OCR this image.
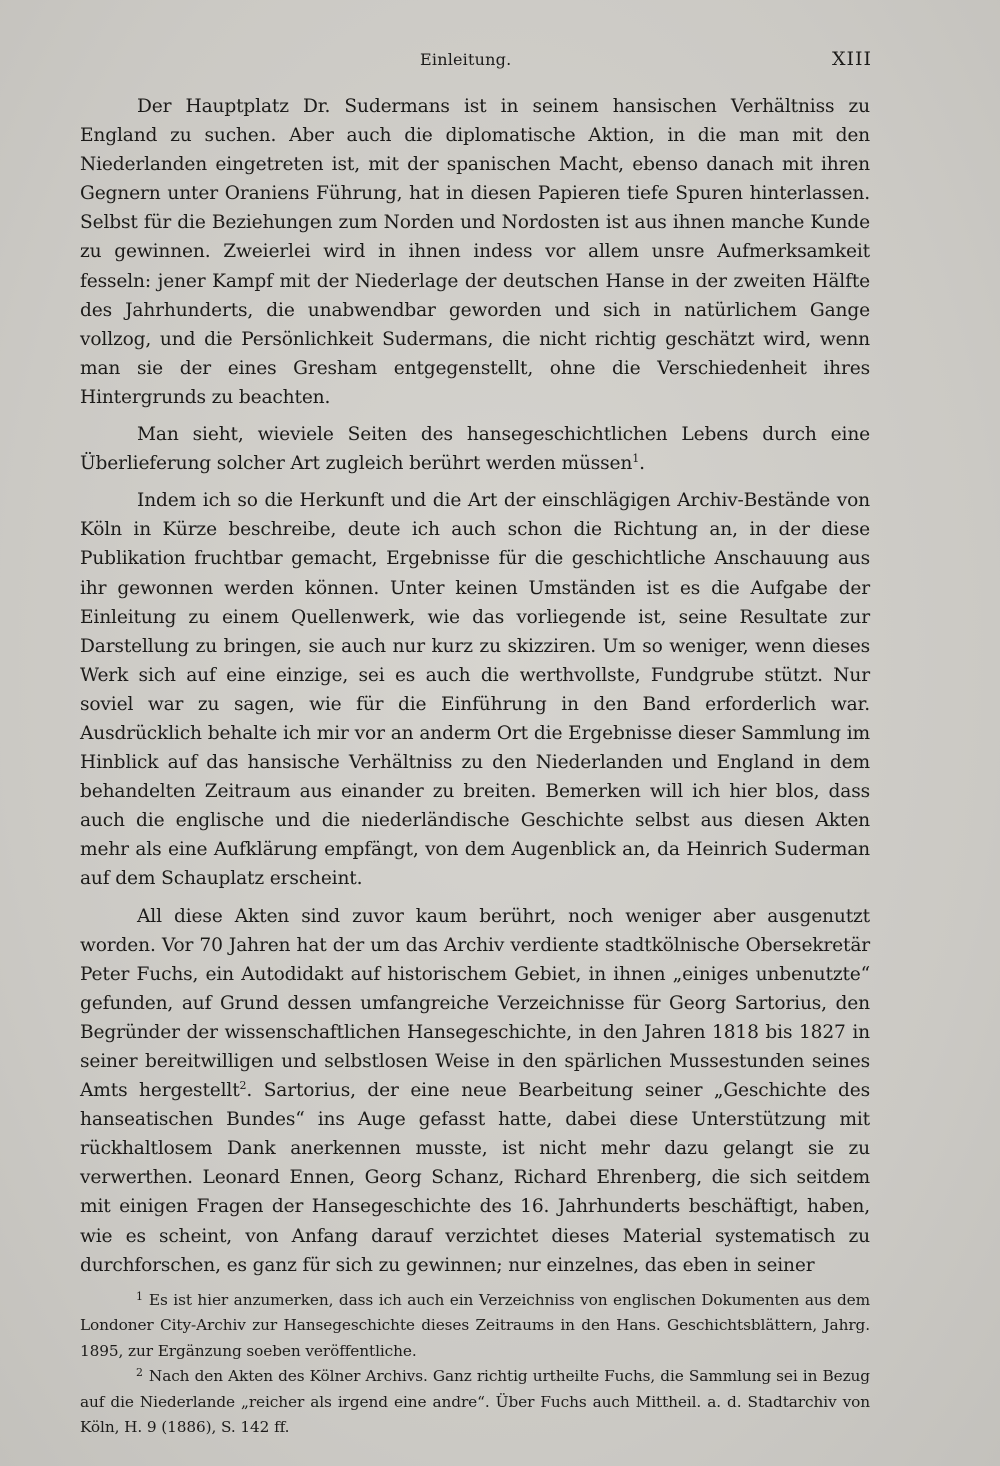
Einleitung.	XIII

Der Hauptplatz Dr. Sudermans ist in seinem hansischen Verhältniss zu England zu suchen. Aber auch die diplomatische Aktion, in die man mit den Niederlanden eingetreten ist, mit der spanischen Macht, ebenso danach mit ihren Gegnern unter Oraniens Führung, hat in diesen Papieren tiefe Spuren hinterlassen. Selbst für die Beziehungen zum Norden und Nordosten ist aus ihnen manche Kunde zu gewinnen. Zweierlei wird in ihnen indess vor allem unsre Aufmerksamkeit fesseln: jener Kampf mit der Niederlage der deutschen Hanse in der zweiten Hälfte des Jahrhunderts, die unabwendbar geworden und sich in natürlichem Gange vollzog, und die Persönlichkeit Sudermans, die nicht richtig geschätzt wird, wenn man sie der eines Gresham entgegenstellt, ohne die Verschiedenheit ihres Hintergrunds zu beachten.

Man sieht, wieviele Seiten des hansegeschichtlichen Lebens durch eine Überlieferung solcher Art zugleich berührt werden müssen$^1$.

Indem ich so die Herkunft und die Art der einschlägigen Archiv-Bestände von Köln in Kürze beschreibe, deute ich auch schon die Richtung an, in der diese Publikation fruchtbar gemacht, Ergebnisse für die geschichtliche Anschauung aus ihr gewonnen werden können. Unter keinen Umständen ist es die Aufgabe der Einleitung zu einem Quellenwerk, wie das vorliegende ist, seine Resultate zur Darstellung zu bringen, sie auch nur kurz zu skizziren. Um so weniger, wenn dieses Werk sich auf eine einzige, sei es auch die werthvollste, Fundgrube stützt. Nur soviel war zu sagen, wie für die Einführung in den Band erforderlich war. Ausdrücklich behalte ich mir vor an anderm Ort die Ergebnisse dieser Sammlung im Hinblick auf das hansische Verhältniss zu den Niederlanden und England in dem behandelten Zeitraum aus einander zu breiten. Bemerken will ich hier blos, dass auch die englische und die niederländische Geschichte selbst aus diesen Akten mehr als eine Aufklärung empfängt, von dem Augenblick an, da Heinrich Suderman auf dem Schauplatz erscheint.

All diese Akten sind zuvor kaum berührt, noch weniger aber ausgenutzt worden. Vor 70 Jahren hat der um das Archiv verdiente stadtkölnische Obersekretär Peter Fuchs, ein Autodidakt auf historischem Gebiet, in ihnen „einiges unbenutzte“ gefunden, auf Grund dessen umfangreiche Verzeichnisse für Georg Sartorius, den Begründer der wissenschaftlichen Hansegeschichte, in den Jahren 1818 bis 1827 in seiner bereitwilligen und selbstlosen Weise in den spärlichen Mussestunden seines Amts hergestellt$^2$. Sartorius, der eine neue Bearbeitung seiner „Geschichte des hanseatischen Bundes“ ins Auge gefasst hatte, dabei diese Unterstützung mit rückhaltlosem Dank anerkennen musste, ist nicht mehr dazu gelangt sie zu verwerthen. Leonard Ennen, Georg Schanz, Richard Ehrenberg, die sich seitdem mit einigen Fragen der Hansegeschichte des 16. Jahrhunderts beschäftigt, haben, wie es scheint, von Anfang darauf verzichtet dieses Material systematisch zu durchforschen, es ganz für sich zu gewinnen; nur einzelnes, das eben in seiner

$^1$ Es ist hier anzumerken, dass ich auch ein Verzeichniss von englischen Dokumenten aus dem Londoner City-Archiv zur Hansegeschichte dieses Zeitraums in den Hans. Geschichtsblättern, Jahrg. 1895, zur Ergänzung soeben veröffentliche.

$^2$ Nach den Akten des Kölner Archivs. Ganz richtig urtheilte Fuchs, die Sammlung sei in Bezug auf die Niederlande „reicher als irgend eine andre“. Über Fuchs auch Mittheil. a. d. Stadtarchiv von Köln, H. 9 (1886), S. 142 ff.
